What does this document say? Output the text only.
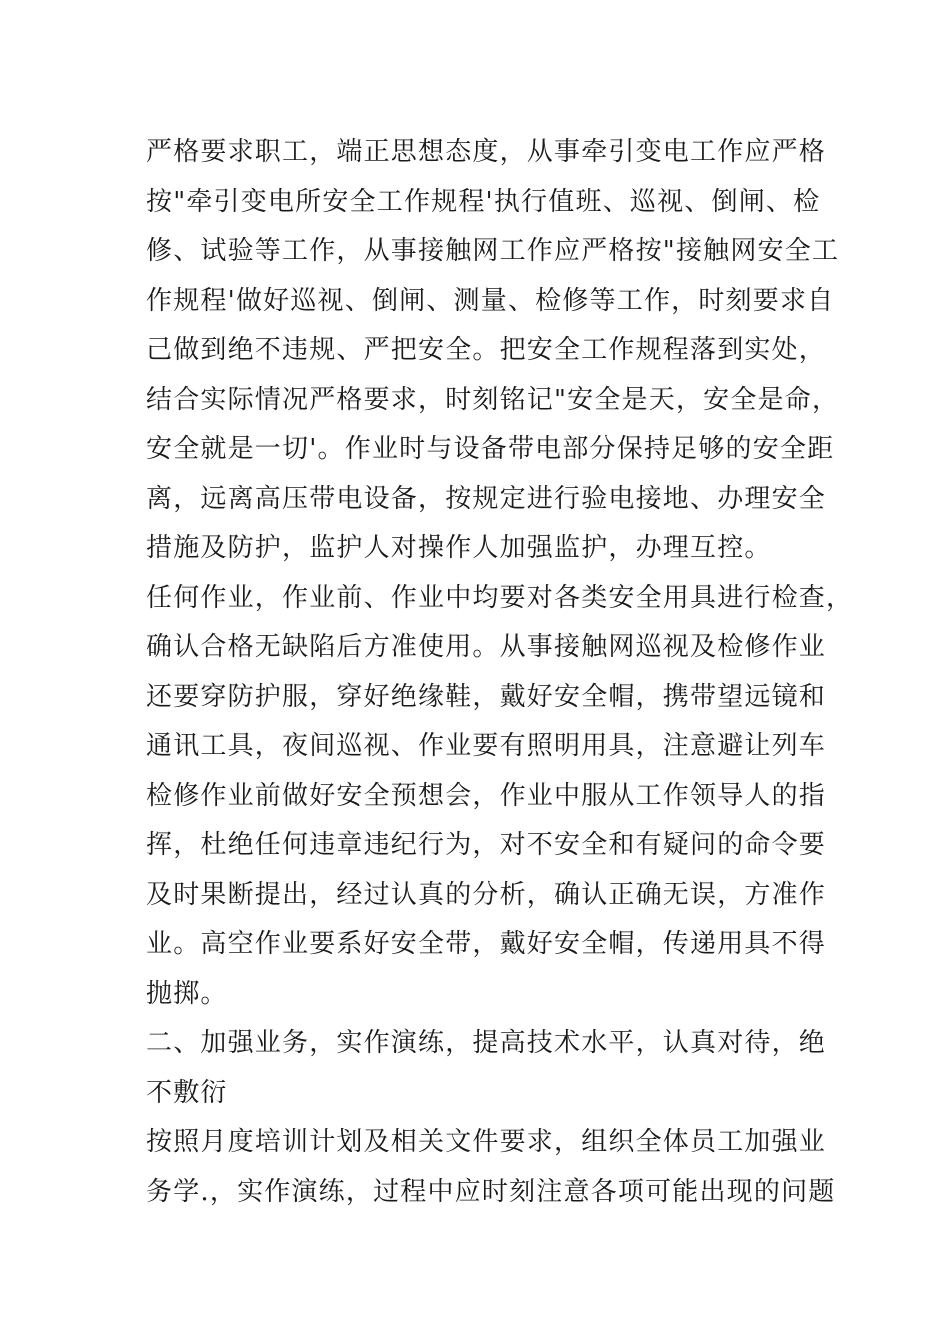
严格要求职工，端正思想态度，从事牵引变电工作应严格
按"牵引变电所安全工作规程'执行值班、巡视、倒闸、检
修、试验等工作，从事接触网工作应严格按"接触网安全工
作规程'做好巡视、倒闸、测量、检修等工作，时刻要求自
己做到绝不违规、严把安全。把安全工作规程落到实处，
结合实际情况严格要求，时刻铭记"安全是天，安全是命，
安全就是一切'。作业时与设备带电部分保持足够的安全距
离，远离高压带电设备，按规定进行验电接地、办理安全
措施及防护，监护人对操作人加强监护，办理互控。
任何作业，作业前、作业中均要对各类安全用具进行检查，
确认合格无缺陷后方准使用。从事接触网巡视及检修作业
还要穿防护服，穿好绝缘鞋，戴好安全帽，携带望远镜和
通讯工具，夜间巡视、作业要有照明用具，注意避让列车
检修作业前做好安全预想会，作业中服从工作领导人的指
挥，杜绝任何违章违纪行为，对不安全和有疑问的命令要
及时果断提出，经过认真的分析，确认正确无误，方准作
业。高空作业要系好安全带，戴好安全帽，传递用具不得
抛掷。
二、加强业务，实作演练，提高技术水平，认真对待，绝
不敷衍
按照月度培训计划及相关文件要求，组织全体员工加强业
务学.，实作演练，过程中应时刻注意各项可能出现的问题
